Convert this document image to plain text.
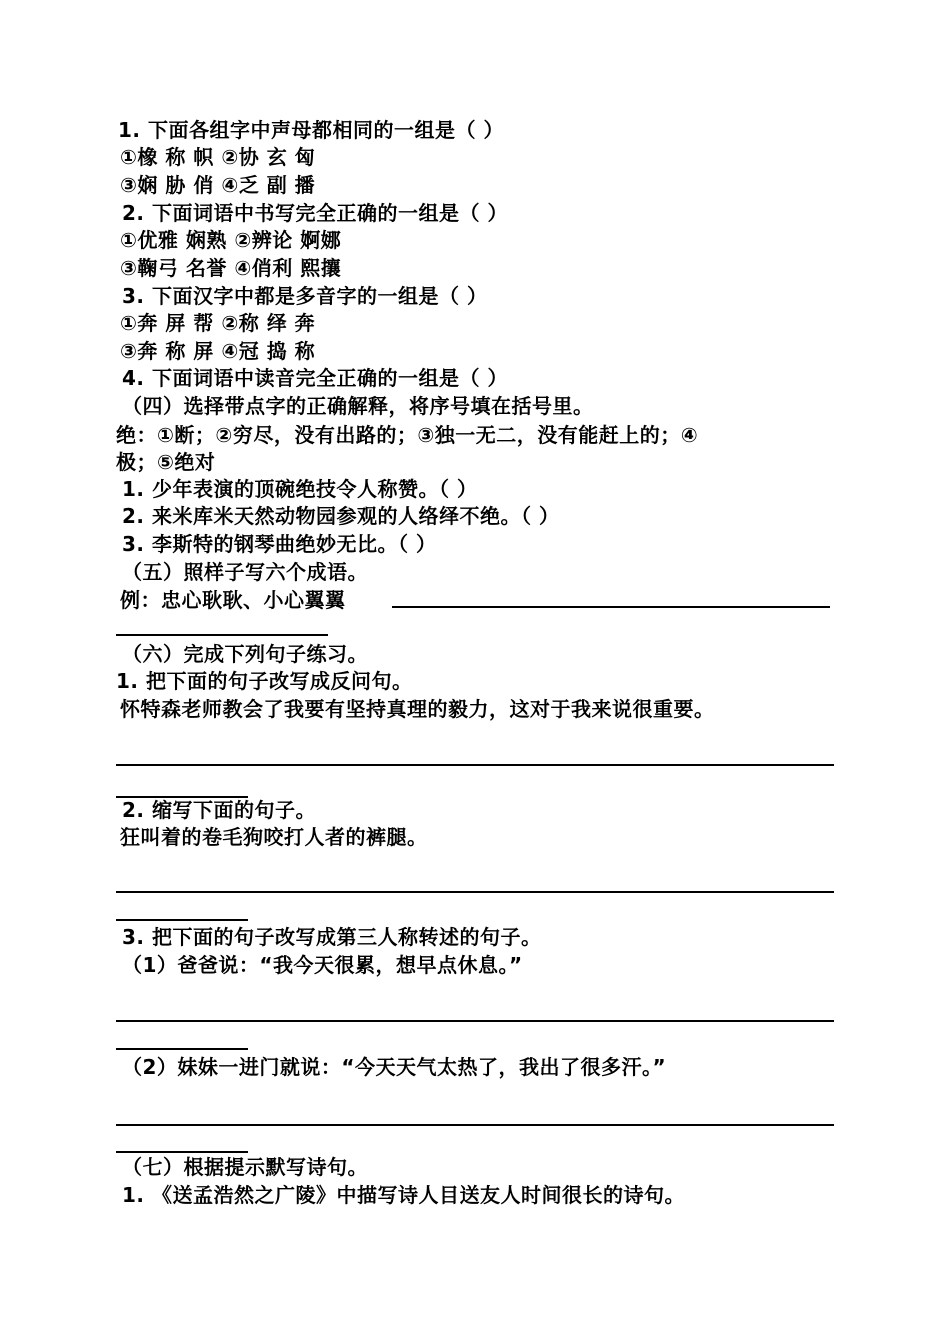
1. 下面各组字中声母都相同的一组是（ ）
①橡 称 帜 ②协 玄 匈
③娴 胁 俏 ④乏 副 播
2. 下面词语中书写完全正确的一组是（ ）
①优雅 娴熟 ②辨论 婀娜
③鞠弓 名誉 ④俏利 熙攘
3. 下面汉字中都是多音字的一组是（ ）
①奔 屏 帮 ②称 绎 奔
③奔 称 屏 ④冠 捣 称
4. 下面词语中读音完全正确的一组是（ ）
（四）选择带点字的正确解释，将序号填在括号里。
绝：①断；②穷尽，没有出路的；③独一无二，没有能赶上的；④
极；⑤绝对
1. 少年表演的顶碗绝技令人称赞。（ ）
2. 来米库米天然动物园参观的人络绎不绝。（ ）
3. 李斯特的钢琴曲绝妙无比。（ ）
（五）照样子写六个成语。
例：忠心耿耿、小心翼翼
（六）完成下列句子练习。
1. 把下面的句子改写成反问句。
怀特森老师教会了我要有坚持真理的毅力，这对于我来说很重要。
2. 缩写下面的句子。
狂叫着的卷毛狗咬打人者的裤腿。
3. 把下面的句子改写成第三人称转述的句子。
（1）爸爸说：“我今天很累，想早点休息。”
（2）妹妹一进门就说：“今天天气太热了，我出了很多汗。”
（七）根据提示默写诗句。
1. 《送孟浩然之广陵》中描写诗人目送友人时间很长的诗句。
